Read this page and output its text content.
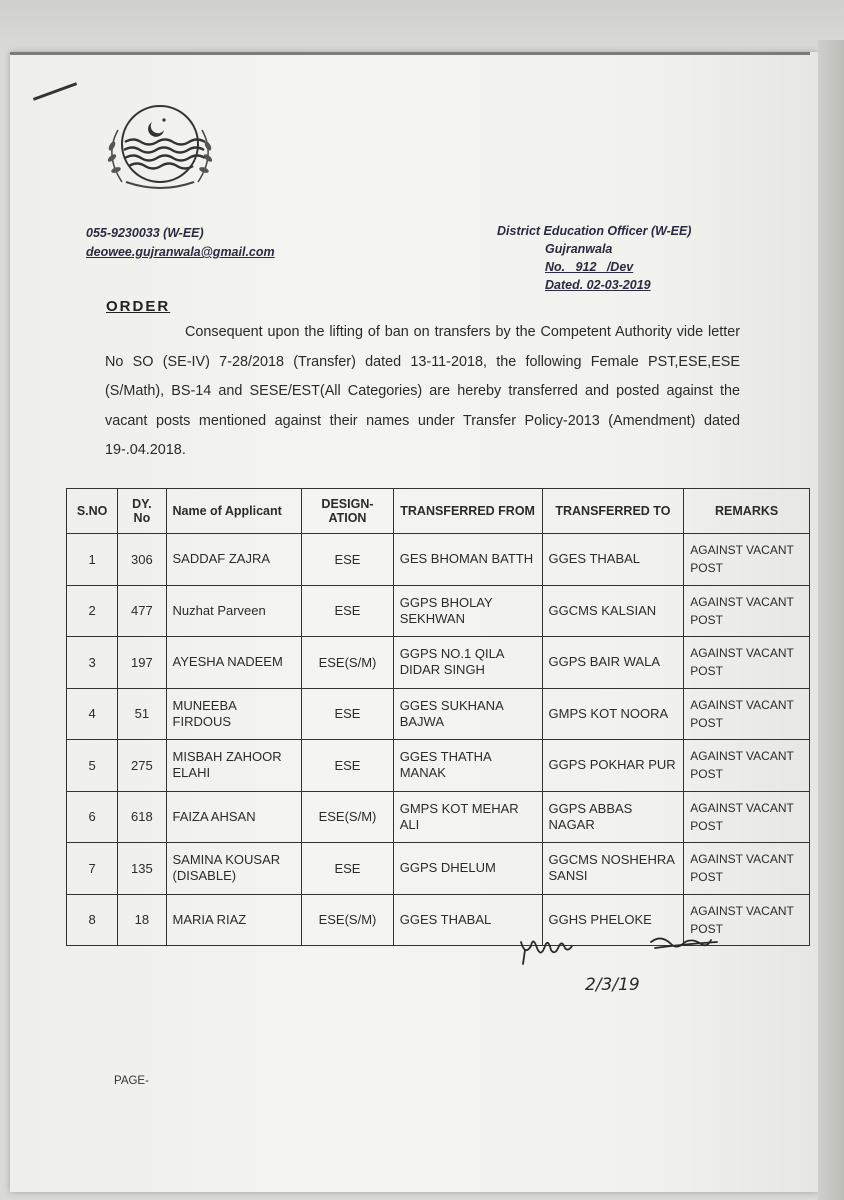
055-9230033 (W-EE)
deowee.gujranwala@gmail.com
District Education Officer (W-EE)
Gujranwala
No.   912   /Dev
Dated. 02-03-2019
ORDER
Consequent upon the lifting of ban on transfers by the Competent Authority vide letter No SO (SE-IV) 7-28/2018 (Transfer) dated 13-11-2018, the following Female PST,ESE,ESE (S/Math), BS-14 and SESE/EST(All Categories) are hereby transferred and posted against the vacant posts mentioned against their names under Transfer Policy-2013 (Amendment) dated 19-.04.2018.
S.NO	DY. No	Name of Applicant	DESIGN-ATION	TRANSFERRED FROM	TRANSFERRED TO	REMARKS
1	306	SADDAF ZAJRA	ESE	GES BHOMAN BATTH	GGES THABAL	AGAINST VACANT POST
2	477	Nuzhat Parveen	ESE	GGPS BHOLAY SEKHWAN	GGCMS KALSIAN	AGAINST VACANT POST
3	197	AYESHA NADEEM	ESE(S/M)	GGPS NO.1 QILA DIDAR SINGH	GGPS BAIR WALA	AGAINST VACANT POST
4	51	MUNEEBA FIRDOUS	ESE	GGES SUKHANA BAJWA	GMPS KOT NOORA	AGAINST VACANT POST
5	275	MISBAH ZAHOOR ELAHI	ESE	GGES THATHA MANAK	GGPS POKHAR PUR	AGAINST VACANT POST
6	618	FAIZA AHSAN	ESE(S/M)	GMPS KOT MEHAR ALI	GGPS ABBAS NAGAR	AGAINST VACANT POST
7	135	SAMINA KOUSAR (DISABLE)	ESE	GGPS DHELUM	GGCMS NOSHEHRA SANSI	AGAINST VACANT POST
8	18	MARIA RIAZ	ESE(S/M)	GGES THABAL	GGHS PHELOKE	AGAINST VACANT POST
2/3/19
PAGE-
